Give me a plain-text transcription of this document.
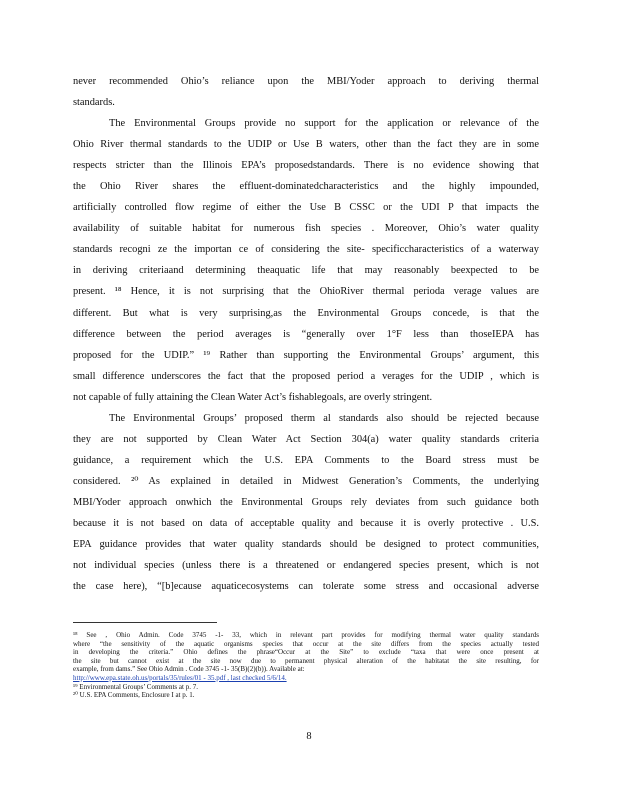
never recommended Ohio’s reliance upon the MBI/Yoder approach to deriving thermal
standards.
The Environmental Groups provide no support for the application or relevance of the
Ohio River thermal standards to the UDIP or Use B waters, other than the fact they are in some
respects stricter than the Illinois EPA’s proposedstandards. There is no evidence showing that
the Ohio River shares the effluent-dominatedcharacteristics and the highly impounded,
artificially controlled flow regime of either the Use B CSSC or the UDI P that impacts the
availability of suitable habitat for numerous fish species . Moreover, Ohio’s water quality
standards recogni ze the importan ce of considering the site- specificcharacteristics of a waterway
in deriving criteriaand determining theaquatic life that may reasonably beexpected to be
present. ¹⁸ Hence, it is not surprising that the OhioRiver thermal perioda verage values are
different. But what is very surprising,as the Environmental Groups concede, is that the
difference between the period averages is “generally over 1°F less than thoseIEPA has
proposed for the UDIP.” ¹⁹ Rather than supporting the Environmental Groups’ argument, this
small difference underscores the fact that the proposed period a verages for the UDIP , which is
not capable of fully attaining the Clean Water Act’s fishablegoals, are overly stringent.
The Environmental Groups’ proposed therm al standards also should be rejected because
they are not supported by Clean Water Act Section 304(a) water quality standards criteria
guidance, a requirement which the U.S. EPA Comments to the Board stress must be
considered. ²⁰ As explained in detailed in Midwest Generation’s Comments, the underlying
MBI/Yoder approach onwhich the Environmental Groups rely deviates from such guidance both
because it is not based on data of acceptable quality and because it is overly protective . U.S.
EPA guidance provides that water quality standards should be designed to protect communities,
not individual species (unless there is a threatened or endangered species present, which is not
the case here), “[b]ecause aquaticecosystems can tolerate some stress and occasional adverse
¹⁸ See , Ohio Admin. Code 3745 -1- 33, which in relevant part provides for modifying thermal water quality standards
where “the sensitivity of the aquatic organisms species that occur at the site differs from the species actually tested
in developing the criteria.” Ohio defines the phrase“Occur at the Site” to exclude “taxa that were once present at
the site but cannot exist at the site now due to permanent physical alteration of the habitatat the site resulting, for
example, from dams.” See Ohio Admin . Code 3745 -1- 35(B)(2)(b)). Available at:
http://www.epa.state.oh.us/portals/35/rules/01 - 35.pdf , last checked 5/6/14.
¹⁹ Environmental Groups’ Comments at p. 7.
²⁰ U.S. EPA Comments, Enclosure I at p. 1.
8
